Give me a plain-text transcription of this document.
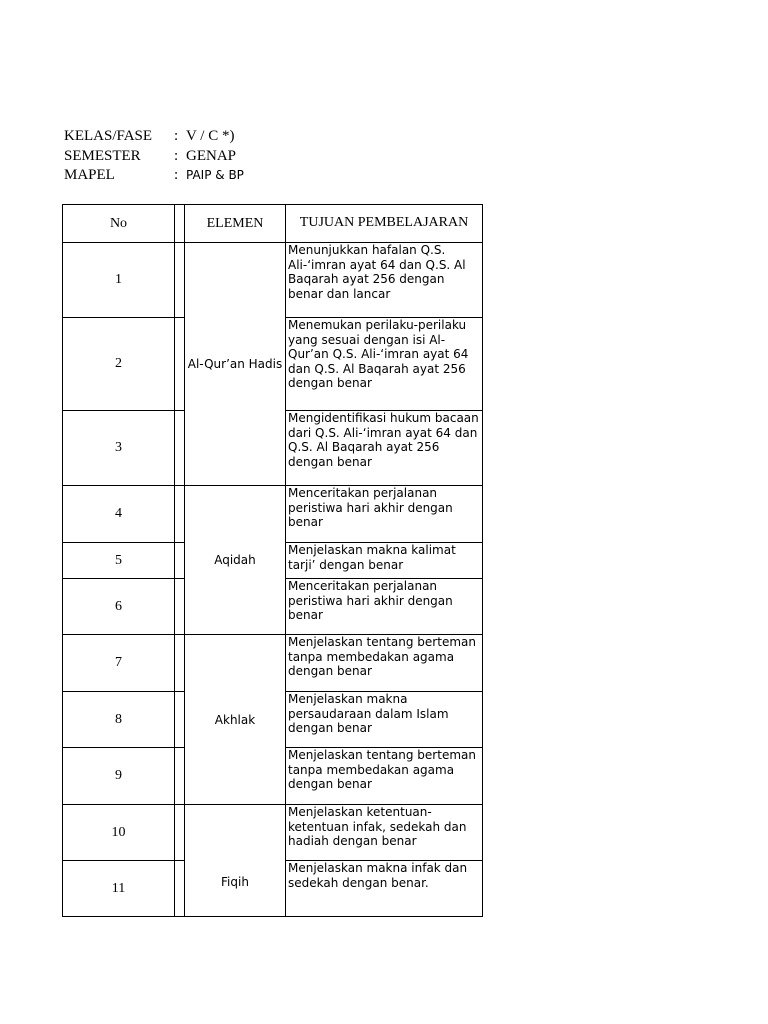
KELAS/FASE	: V / C *)
SEMESTER	: GENAP
MAPEL	: PAIP & BP
No		ELEMEN	TUJUAN PEMBELAJARAN
1		Al-Qur’an Hadis	Menunjukkan hafalan Q.S.
Ali-‘imran ayat 64 dan Q.S. Al Baqarah ayat 256 dengan benar dan lancar
2			Menemukan perilaku-perilaku yang sesuai dengan isi Al-Qur’an Q.S. Ali-‘imran ayat 64 dan Q.S. Al Baqarah ayat 256 dengan benar
3			Mengidentifikasi hukum bacaan dari Q.S. Ali-‘imran ayat 64 dan Q.S. Al Baqarah ayat 256 dengan benar
4		Aqidah	Menceritakan perjalanan peristiwa hari akhir dengan benar
5			Menjelaskan makna kalimat tarji’ dengan benar
6			Menceritakan perjalanan peristiwa hari akhir dengan benar
7		Akhlak	Menjelaskan tentang berteman tanpa membedakan agama dengan benar
8			Menjelaskan makna persaudaraan dalam Islam dengan benar
9			Menjelaskan tentang berteman tanpa membedakan agama dengan benar
10		Fiqih	Menjelaskan ketentuan-ketentuan infak, sedekah dan hadiah dengan benar
11			Menjelaskan makna infak dan sedekah dengan benar.
